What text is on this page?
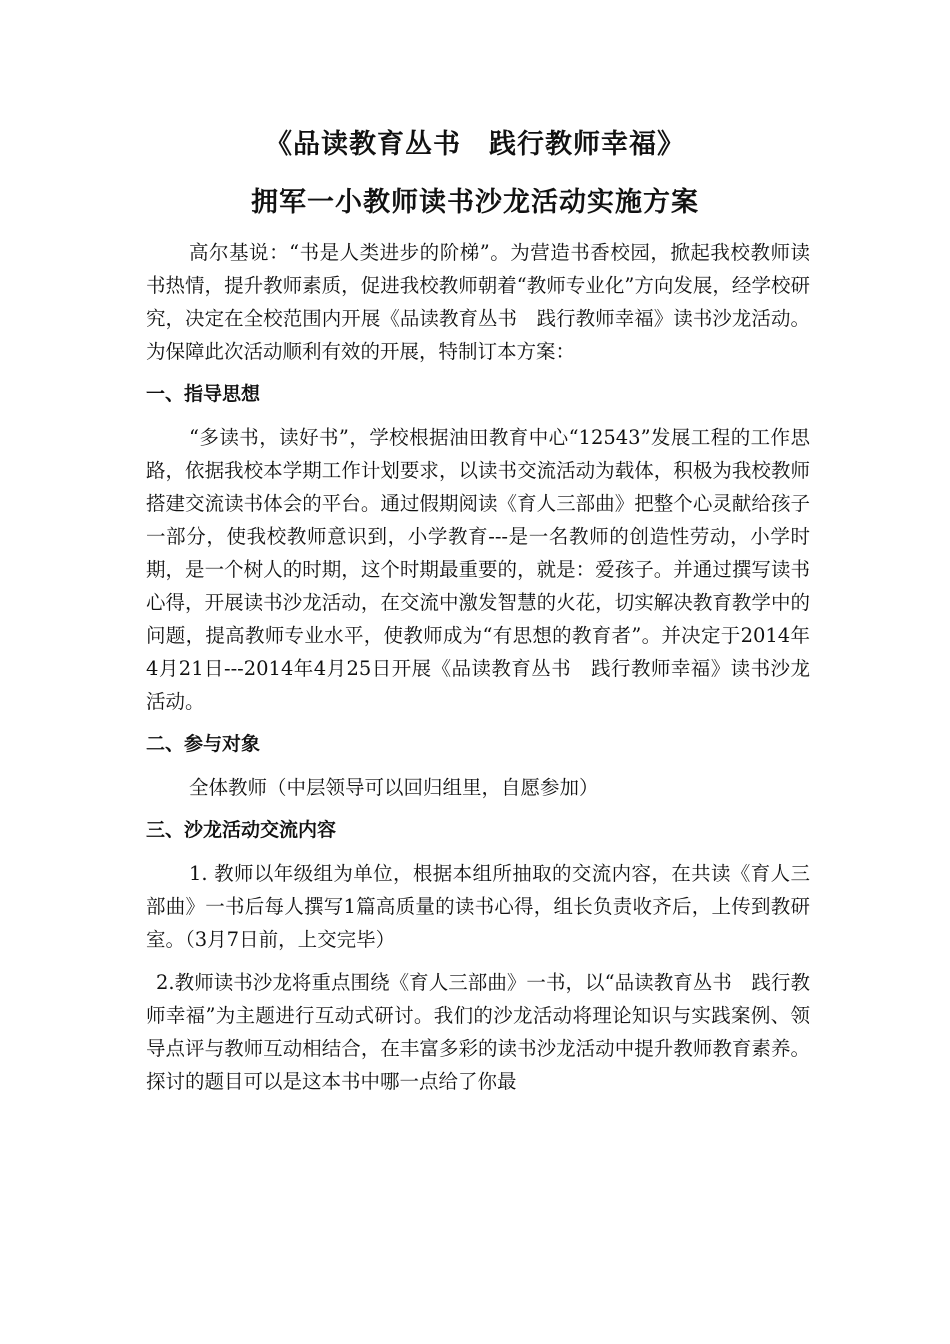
《品读教育丛书　践行教师幸福》
拥军一小教师读书沙龙活动实施方案

高尔基说：“书是人类进步的阶梯”。为营造书香校园，掀起我校教师读书热情，提升教师素质，促进我校教师朝着“教师专业化”方向发展，经学校研究，决定在全校范围内开展《品读教育丛书　践行教师幸福》读书沙龙活动。为保障此次活动顺利有效的开展，特制订本方案：

一、指导思想

“多读书，读好书”，学校根据油田教育中心“12543”发展工程的工作思路，依据我校本学期工作计划要求，以读书交流活动为载体，积极为我校教师搭建交流读书体会的平台。通过假期阅读《育人三部曲》把整个心灵献给孩子一部分，使我校教师意识到，小学教育---是一名教师的创造性劳动，小学时期，是一个树人的时期，这个时期最重要的，就是：爱孩子。并通过撰写读书心得，开展读书沙龙活动，在交流中激发智慧的火花，切实解决教育教学中的问题，提高教师专业水平，使教师成为“有思想的教育者”。并决定于2014年4月21日---2014年4月25日开展《品读教育丛书　践行教师幸福》读书沙龙活动。

二、参与对象

全体教师（中层领导可以回归组里，自愿参加）

三、沙龙活动交流内容

1. 教师以年级组为单位，根据本组所抽取的交流内容，在共读《育人三部曲》一书后每人撰写1篇高质量的读书心得，组长负责收齐后，上传到教研室。（3月7日前，上交完毕）

2.教师读书沙龙将重点围绕《育人三部曲》一书，以“品读教育丛书　践行教师幸福”为主题进行互动式研讨。我们的沙龙活动将理论知识与实践案例、领导点评与教师互动相结合，在丰富多彩的读书沙龙活动中提升教师教育素养。探讨的题目可以是这本书中哪一点给了你最
